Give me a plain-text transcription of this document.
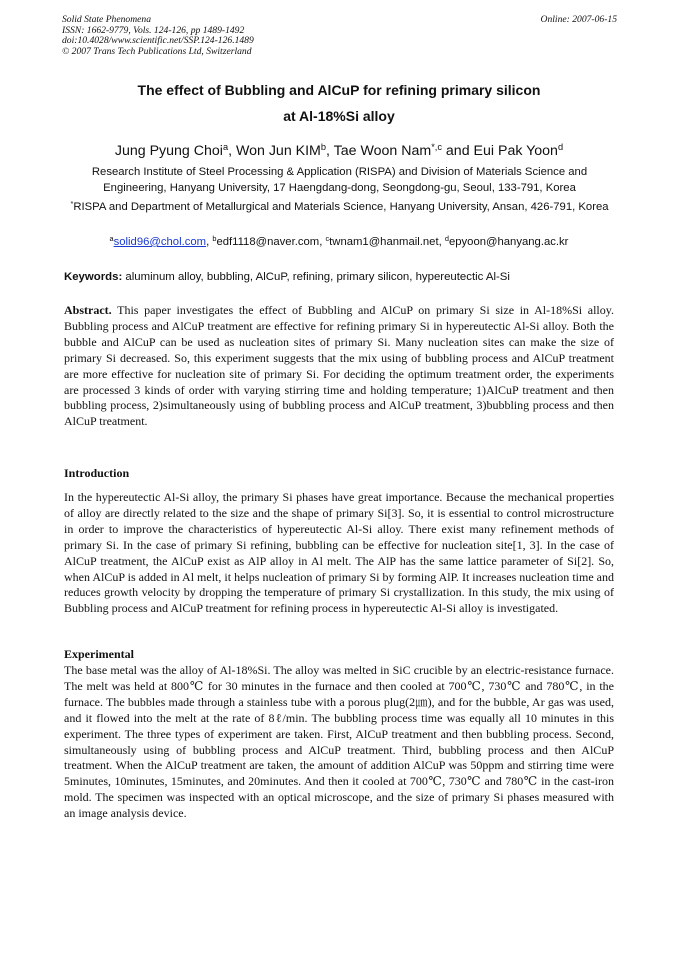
Solid State Phenomena
ISSN: 1662-9779, Vols. 124-126, pp 1489-1492
doi:10.4028/www.scientific.net/SSP.124-126.1489
© 2007 Trans Tech Publications Ltd, Switzerland
Online: 2007-06-15
The effect of Bubbling and AlCuP for refining primary silicon
at Al-18%Si alloy
Jung Pyung Choi$^a$, Won Jun KIM$^b$, Tae Woon Nam$^{*,c}$ and Eui Pak Yoon$^d$
Research Institute of Steel Processing & Application (RISPA) and Division of Materials Science and Engineering, Hanyang University, 17 Haengdang-dong, Seongdong-gu, Seoul, 133-791, Korea
*RISPA and Department of Metallurgical and Materials Science, Hanyang University, Ansan, 426-791, Korea
$^a$solid96@chol.com, $^b$edf1118@naver.com, $^c$twnam1@hanmail.net, $^d$epyoon@hanyang.ac.kr
Keywords: aluminum alloy, bubbling, AlCuP, refining, primary silicon, hypereutectic Al-Si
Abstract. This paper investigates the effect of Bubbling and AlCuP on primary Si size in Al-18%Si alloy. Bubbling process and AlCuP treatment are effective for refining primary Si in hypereutectic Al-Si alloy. Both the bubble and AlCuP can be used as nucleation sites of primary Si. Many nucleation sites can make the size of primary Si decreased. So, this experiment suggests that the mix using of bubbling process and AlCuP treatment are more effective for nucleation site of primary Si. For deciding the optimum treatment order, the experiments are processed 3 kinds of order with varying stirring time and holding temperature; 1)AlCuP treatment and then bubbling process, 2)simultaneously using of bubbling process and AlCuP treatment, 3)bubbling process and then AlCuP treatment.
Introduction
In the hypereutectic Al-Si alloy, the primary Si phases have great importance. Because the mechanical properties of alloy are directly related to the size and the shape of primary Si[3]. So, it is essential to control microstructure in order to improve the characteristics of hypereutectic Al-Si alloy. There exist many refinement methods of primary Si. In the case of primary Si refining, bubbling can be effective for nucleation site[1, 3]. In the case of AlCuP treatment, the AlCuP exist as AlP alloy in Al melt. The AlP has the same lattice parameter of Si[2]. So, when AlCuP is added in Al melt, it helps nucleation of primary Si by forming AlP. It increases nucleation time and reduces growth velocity by dropping the temperature of primary Si crystallization. In this study, the mix using of Bubbling process and AlCuP treatment for refining process in hypereutectic Al-Si alloy is investigated.
Experimental
The base metal was the alloy of Al-18%Si. The alloy was melted in SiC crucible by an electric-resistance furnace. The melt was held at 800℃ for 30 minutes in the furnace and then cooled at 700℃, 730℃ and 780℃, in the furnace. The bubbles made through a stainless tube with a porous plug(2㎛), and for the bubble, Ar gas was used, and it flowed into the melt at the rate of 8ℓ/min. The bubbling process time was equally all 10 minutes in this experiment. The three types of experiment are taken. First, AlCuP treatment and then bubbling process. Second, simultaneously using of bubbling process and AlCuP treatment. Third, bubbling process and then AlCuP treatment. When the AlCuP treatment are taken, the amount of addition AlCuP was 50ppm and stirring time were 5minutes, 10minutes, 15minutes, and 20minutes. And then it cooled at 700℃, 730℃ and 780℃ in the cast-iron mold. The specimen was inspected with an optical microscope, and the size of primary Si phases measured with an image analysis device.
